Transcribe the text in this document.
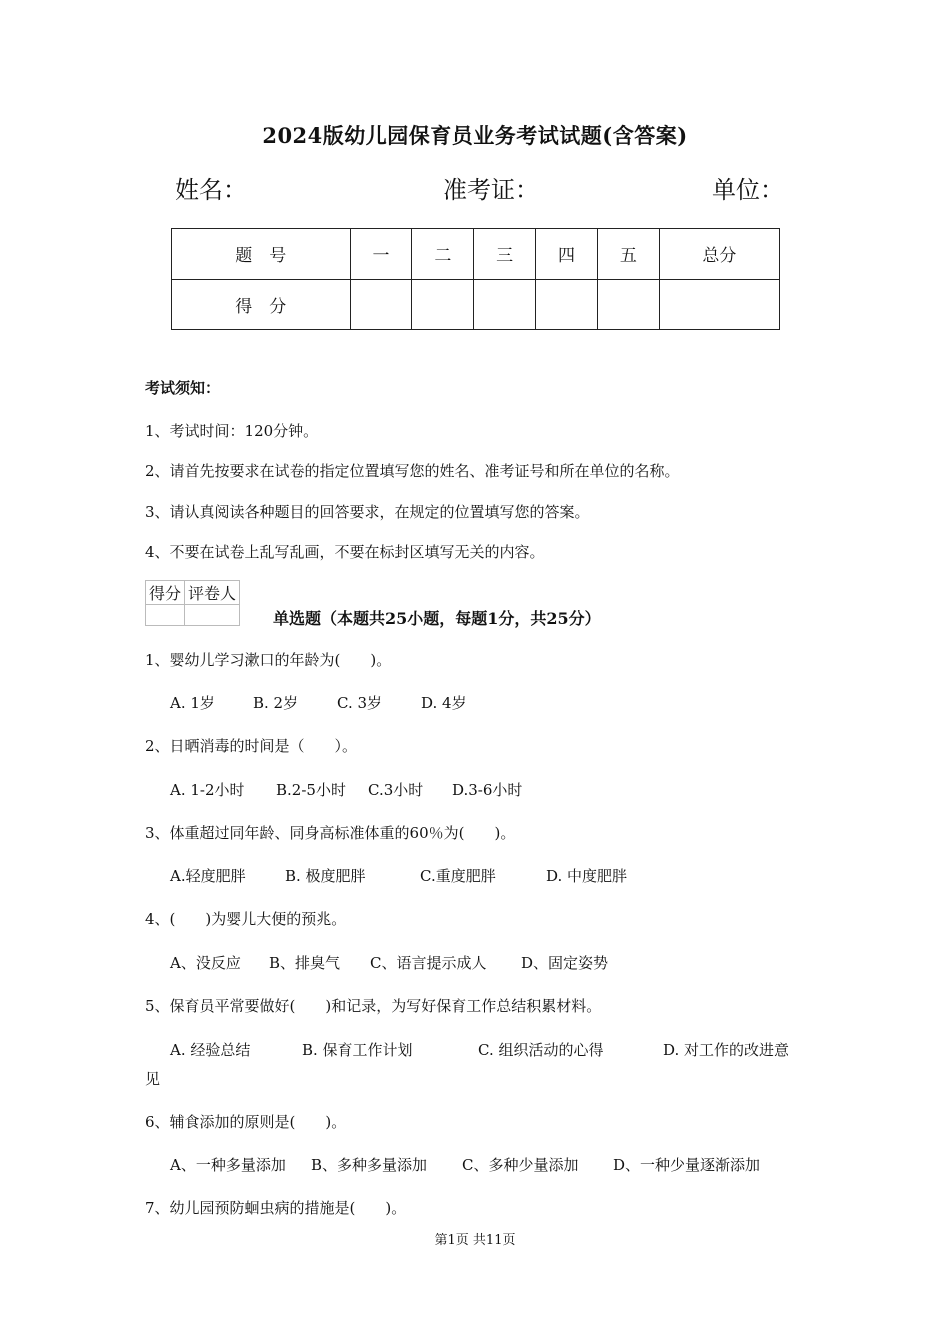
2024版幼儿园保育员业务考试试题(含答案)
姓名：	准考证：	单位：
题　号	一	二	三	四	五	总分
得　分						
考试须知：
1、考试时间：120分钟。
2、请首先按要求在试卷的指定位置填写您的姓名、准考证号和所在单位的名称。
3、请认真阅读各种题目的回答要求，在规定的位置填写您的答案。
4、不要在试卷上乱写乱画，不要在标封区填写无关的内容。
得分	评卷人

单选题（本题共25小题，每题1分，共25分）
1、婴幼儿学习漱口的年龄为(　　)。
A. 1岁	B. 2岁	C. 3岁	D. 4岁
2、日晒消毒的时间是（　　）。
A. 1-2小时 B.2-5小时 C.3小时 D.3-6小时
3、体重超过同年龄、同身高标准体重的60％为(　　)。
A.轻度肥胖	B. 极度肥胖	C.重度肥胖	D. 中度肥胖
4、(　　)为婴儿大便的预兆。
A、没反应 B、排臭气 C、语言提示成人 D、固定姿势
5、保育员平常要做好(　　)和记录，为写好保育工作总结积累材料。
A. 经验总结	B. 保育工作计划	C. 组织活动的心得	D. 对工作的改进意
见
6、辅食添加的原则是(　　)。
A、一种多量添加 B、多种多量添加 C、多种少量添加 D、一种少量逐渐添加
7、幼儿园预防蛔虫病的措施是(　　)。
第1页 共11页
